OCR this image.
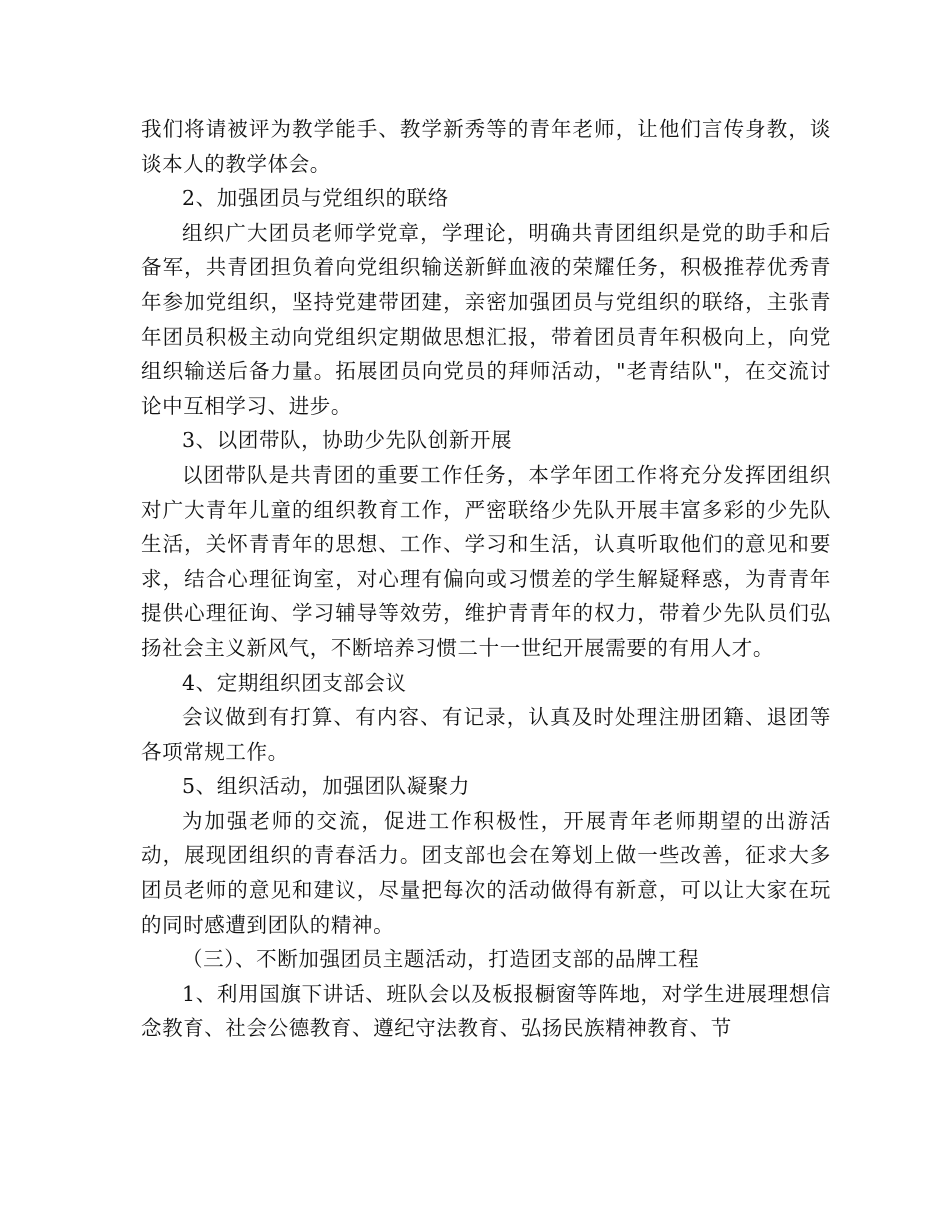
我们将请被评为教学能手、教学新秀等的青年老师，让他们言传身教，谈谈本人的教学体会。

2、加强团员与党组织的联络

组织广大团员老师学党章，学理论，明确共青团组织是党的助手和后备军，共青团担负着向党组织输送新鲜血液的荣耀任务，积极推荐优秀青年参加党组织，坚持党建带团建，亲密加强团员与党组织的联络，主张青年团员积极主动向党组织定期做思想汇报，带着团员青年积极向上，向党组织输送后备力量。拓展团员向党员的拜师活动，"老青结队"，在交流讨论中互相学习、进步。

3、以团带队，协助少先队创新开展

以团带队是共青团的重要工作任务，本学年团工作将充分发挥团组织对广大青年儿童的组织教育工作，严密联络少先队开展丰富多彩的少先队生活，关怀青青年的思想、工作、学习和生活，认真听取他们的意见和要求，结合心理征询室，对心理有偏向或习惯差的学生解疑释惑，为青青年提供心理征询、学习辅导等效劳，维护青青年的权力，带着少先队员们弘扬社会主义新风气，不断培养习惯二十一世纪开展需要的有用人才。

4、定期组织团支部会议

会议做到有打算、有内容、有记录，认真及时处理注册团籍、退团等各项常规工作。

5、组织活动，加强团队凝聚力

为加强老师的交流，促进工作积极性，开展青年老师期望的出游活动，展现团组织的青春活力。团支部也会在筹划上做一些改善，征求大多团员老师的意见和建议，尽量把每次的活动做得有新意，可以让大家在玩的同时感遭到团队的精神。

（三）、不断加强团员主题活动，打造团支部的品牌工程

1、利用国旗下讲话、班队会以及板报橱窗等阵地，对学生进展理想信念教育、社会公德教育、遵纪守法教育、弘扬民族精神教育、节
